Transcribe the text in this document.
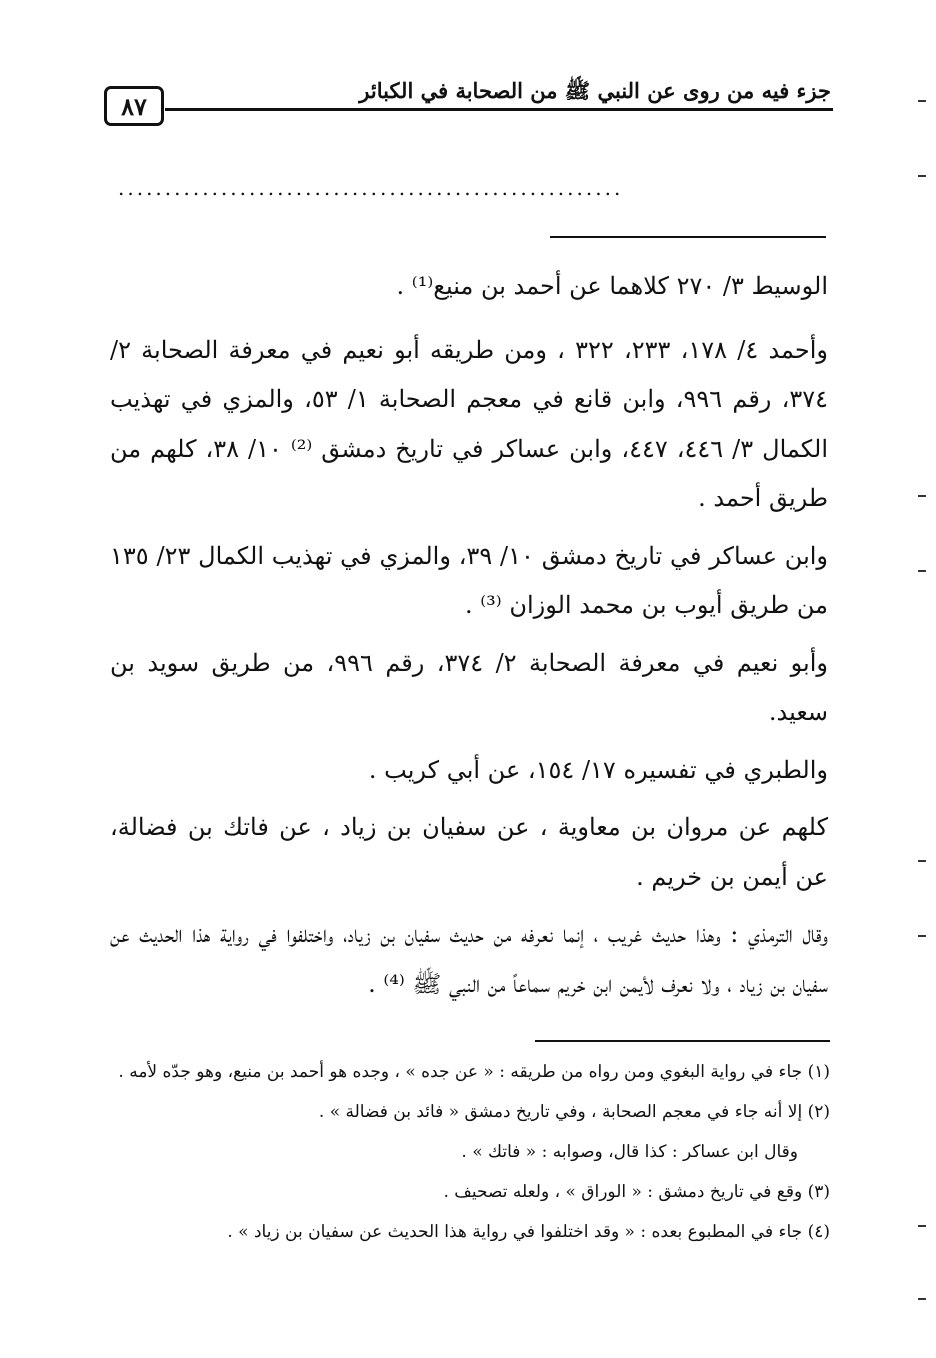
جزء فيه من روى عن النبي ﷺ من الصحابة في الكبائر
٨٧
......................................................

الوسيط ٣/ ٢٧٠ كلاهما عن أحمد بن منيع⁽¹⁾ .

وأحمد ٤/ ١٧٨، ٢٣٣، ٣٢٢ ، ومن طريقه أبو نعيم في معرفة الصحابة ٢/ ٣٧٤، رقم ٩٩٦، وابن قانع في معجم الصحابة ١/ ٥٣، والمزي في تهذيب الكمال ٣/ ٤٤٦، ٤٤٧، وابن عساكر في تاريخ دمشق ⁽²⁾ ١٠/ ٣٨، كلهم من طريق أحمد .

وابن عساكر في تاريخ دمشق ١٠/ ٣٩، والمزي في تهذيب الكمال ٢٣/ ١٣٥ من طريق أيوب بن محمد الوزان ⁽³⁾ .

وأبو نعيم في معرفة الصحابة ٢/ ٣٧٤، رقم ٩٩٦، من طريق سويد بن سعيد.

والطبري في تفسيره ١٧/ ١٥٤، عن أبي كريب .

كلهم عن مروان بن معاوية ، عن سفيان بن زياد ، عن فاتك بن فضالة، عن أيمن بن خريم .

وقال الترمذي : وهذا حديث غريب ، إنما نعرفه من حديث سفيان بن زياد، واختلفوا في رواية هذا الحديث عن سفيان بن زياد ، ولا نعرف لأيمن ابن خريم سماعاً من النبي ﷺ ⁽⁴⁾ .

(١) جاء في رواية البغوي ومن رواه من طريقه : « عن جده » ، وجده هو أحمد بن منيع، وهو جدّه لأمه .

(٢) إلا أنه جاء في معجم الصحابة ، وفي تاريخ دمشق « فائد بن فضالة » .

وقال ابن عساكر : كذا قال، وصوابه : « فاتك » .

(٣) وقع في تاريخ دمشق : « الوراق » ، ولعله تصحيف .

(٤) جاء في المطبوع بعده : « وقد اختلفوا في رواية هذا الحديث عن سفيان بن زياد » .
